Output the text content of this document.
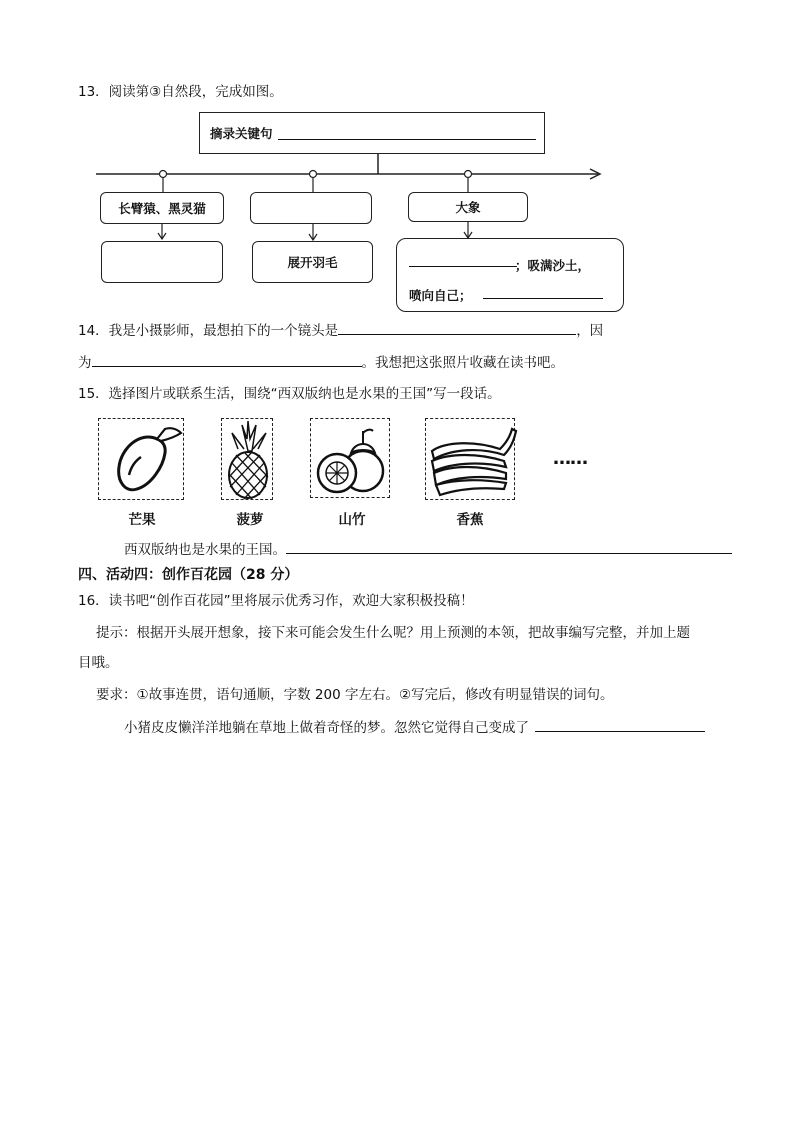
13．阅读第③自然段，完成如图。
摘录关键句
长臂猿、黑灵猫	大象
展开羽毛	；吸满沙土，
喷向自己；
14．我是小摄影师，最想拍下的一个镜头是	，因
为	。我想把这张照片收藏在读书吧。
15．选择图片或联系生活，围绕“西双版纳也是水果的王国”写一段话。
……
芒果	菠萝	山竹	香蕉
西双版纳也是水果的王国。
四、活动四：创作百花园（28 分）
16．读书吧“创作百花园”里将展示优秀习作，欢迎大家积极投稿！
提示：根据开头展开想象，接下来可能会发生什么呢？用上预测的本领，把故事编写完整，并加上题
目哦。
要求：①故事连贯，语句通顺，字数 200 字左右。②写完后，修改有明显错误的词句。
小猪皮皮懒洋洋地躺在草地上做着奇怪的梦。忽然它觉得自己变成了
